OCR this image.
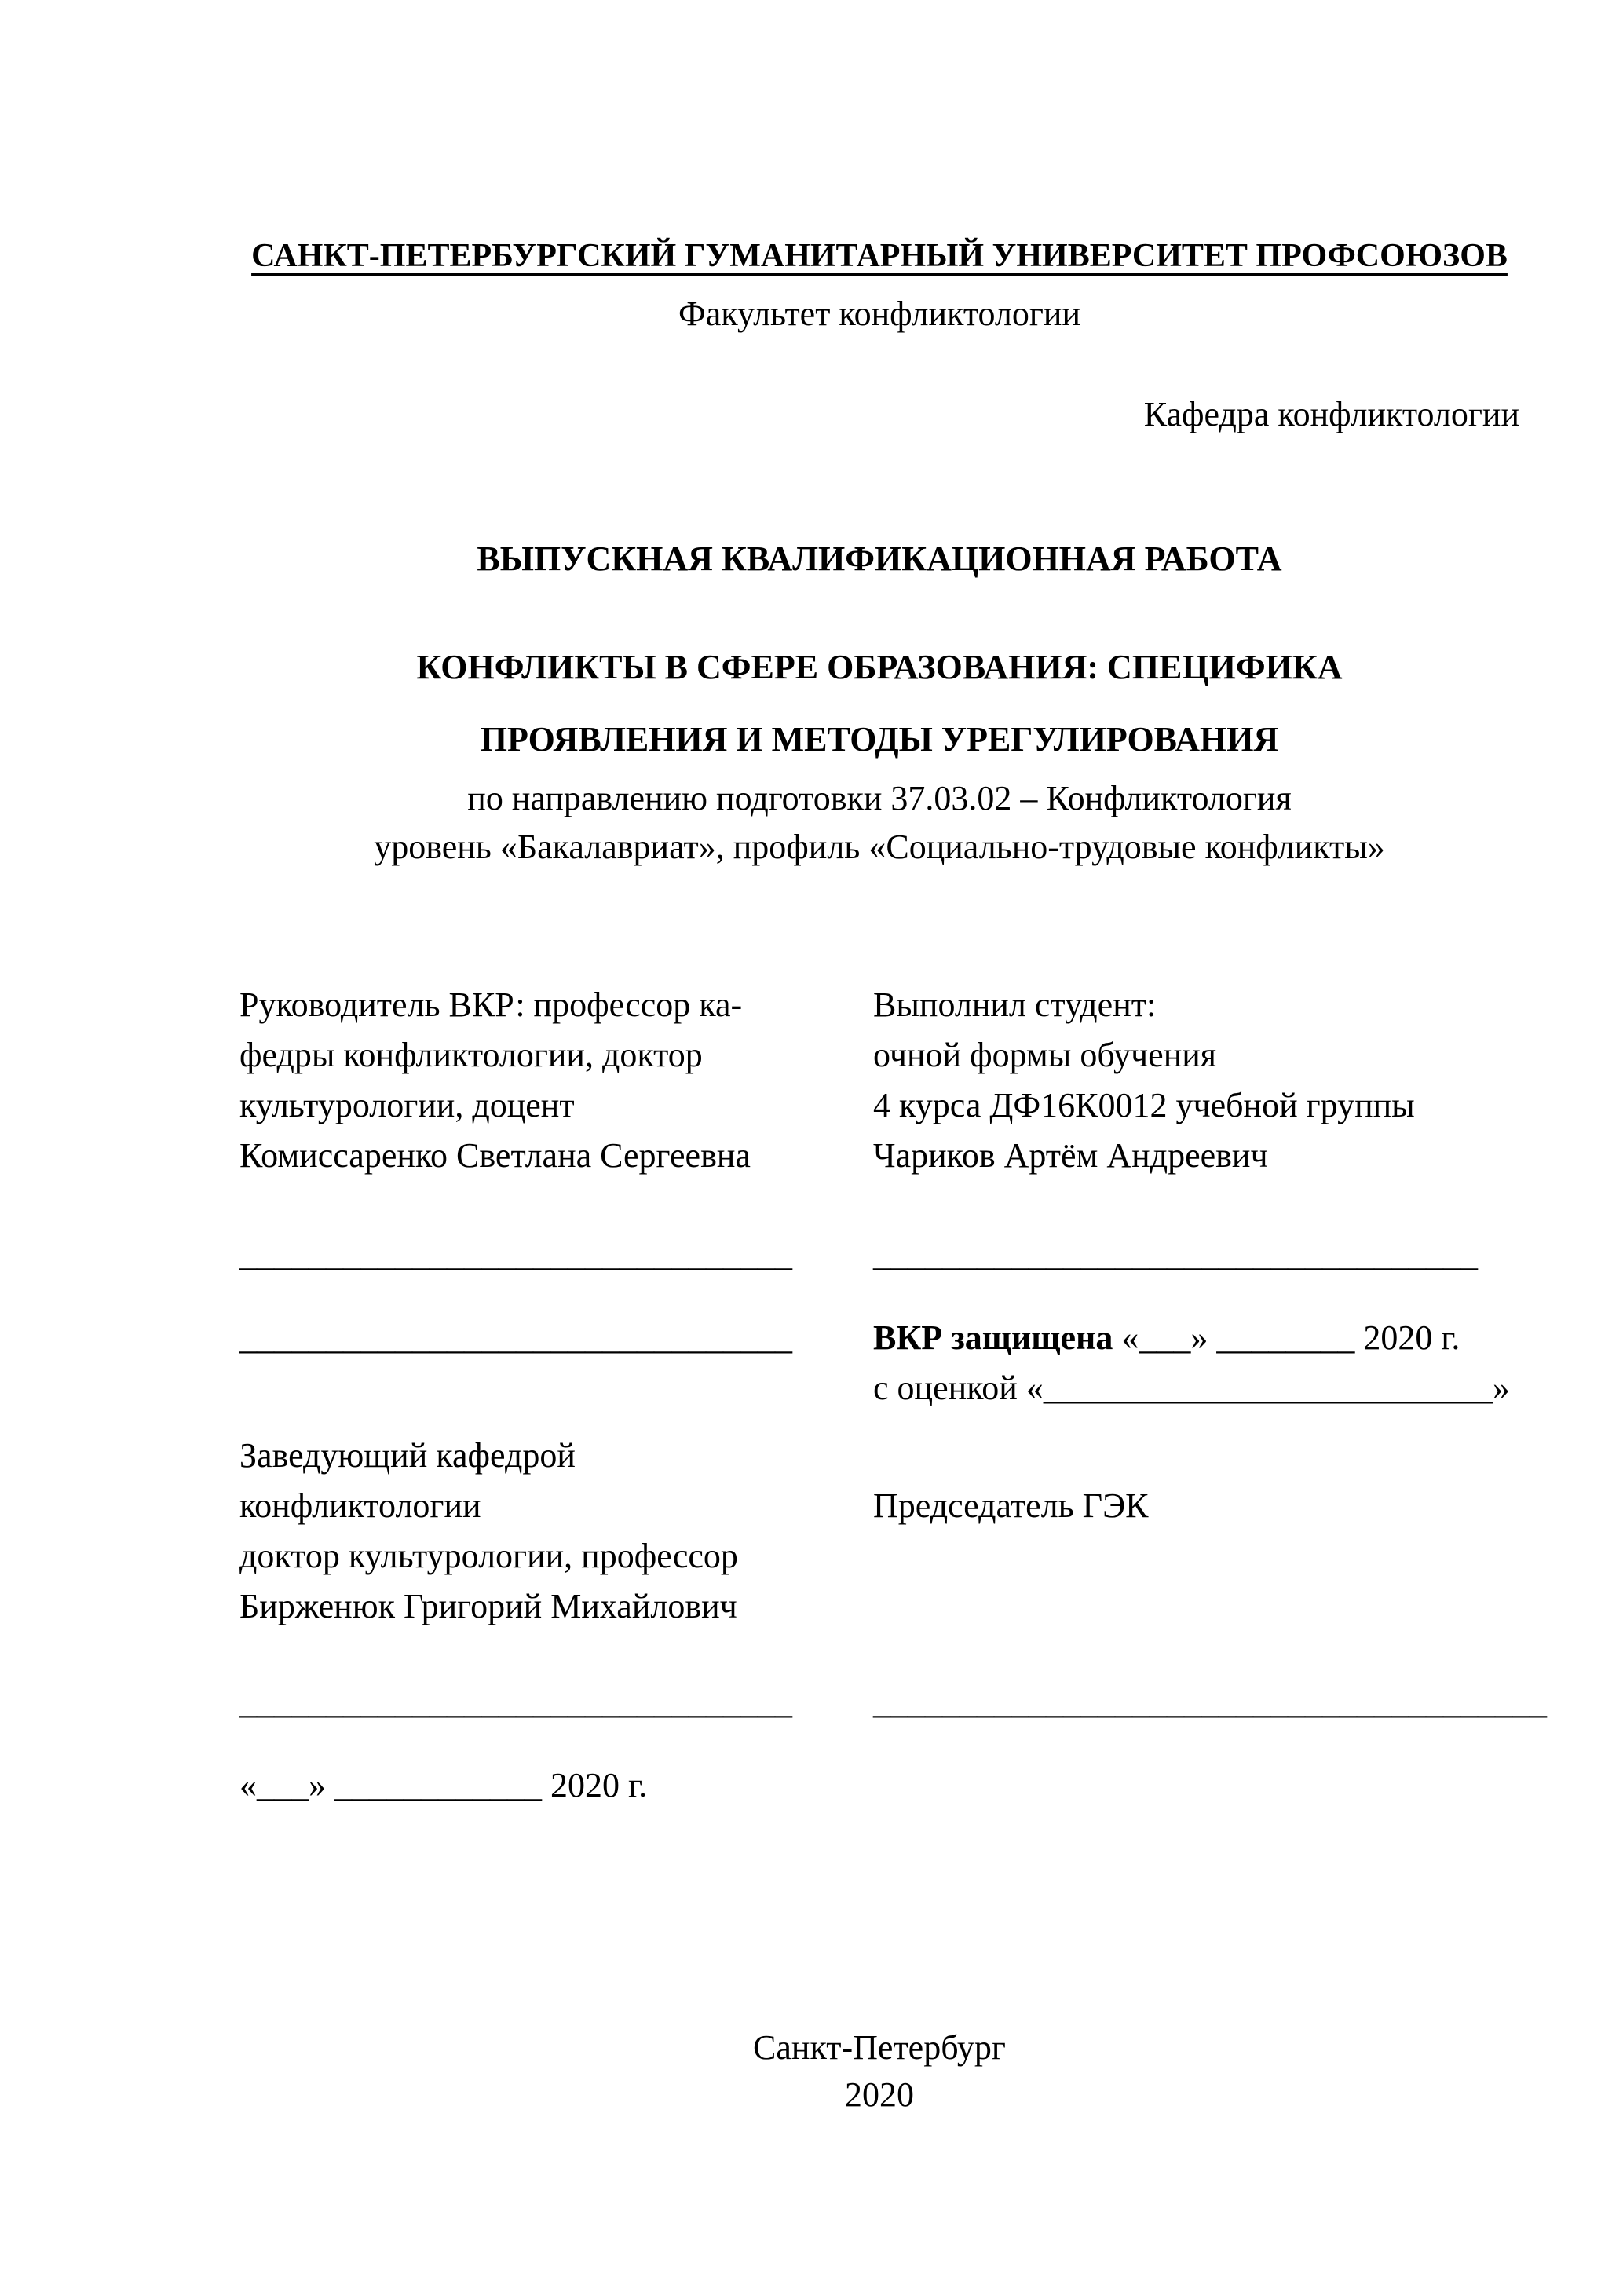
САНКТ-ПЕТЕРБУРГСКИЙ ГУМАНИТАРНЫЙ УНИВЕРСИТЕТ ПРОФСОЮЗОВ
Факультет конфликтологии
Кафедра конфликтологии
ВЫПУСКНАЯ КВАЛИФИКАЦИОННАЯ РАБОТА
КОНФЛИКТЫ В СФЕРЕ ОБРАЗОВАНИЯ: СПЕЦИФИКА
ПРОЯВЛЕНИЯ И МЕТОДЫ УРЕГУЛИРОВАНИЯ
по направлению подготовки 37.03.02 – Конфликтология
уровень «Бакалавриат», профиль «Социально-трудовые конфликты»
Руководитель ВКР: профессор ка-
федры конфликтологии, доктор
культурологии, доцент
Комиссаренко Светлана Сергеевна
Выполнил студент:
очной формы обучения
4 курса ДФ16К0012 учебной группы
Чариков Артём Андреевич
________________________________ ___________________________________
________________________________ ВКР защищена «___» ________ 2020 г.
с оценкой «__________________________»
Заведующий кафедрой
конфликтологии
доктор культурологии, профессор
Бирженюк Григорий Михайлович
Председатель ГЭК
________________________________ _______________________________________
«___» ____________ 2020 г.
Санкт-Петербург
2020
